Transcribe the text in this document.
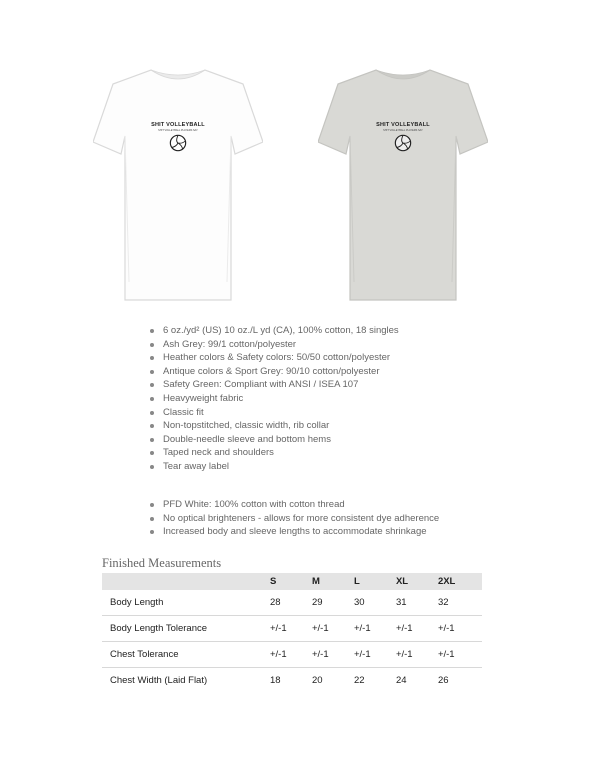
SHIT VOLLEYBALL
SHIT VOLLEYBALL PLAYERS SAY
SHIT VOLLEYBALL
SHIT VOLLEYBALL PLAYERS SAY
6 oz./yd² (US) 10 oz./L yd (CA), 100% cotton, 18 singles
Ash Grey: 99/1 cotton/polyester
Heather colors & Safety colors: 50/50 cotton/polyester
Antique colors & Sport Grey: 90/10 cotton/polyester
Safety Green: Compliant with ANSI / ISEA 107
Heavyweight fabric
Classic fit
Non-topstitched, classic width, rib collar
Double-needle sleeve and bottom hems
Taped neck and shoulders
Tear away label
PFD White: 100% cotton with cotton thread
No optical brighteners - allows for more consistent dye adherence
Increased body and sleeve lengths to accommodate shrinkage
Finished Measurements
	S	M	L	XL	2XL
Body Length	28	29	30	31	32
Body Length Tolerance	+/-1	+/-1	+/-1	+/-1	+/-1
Chest Tolerance	+/-1	+/-1	+/-1	+/-1	+/-1
Chest Width (Laid Flat)	18	20	22	24	26
